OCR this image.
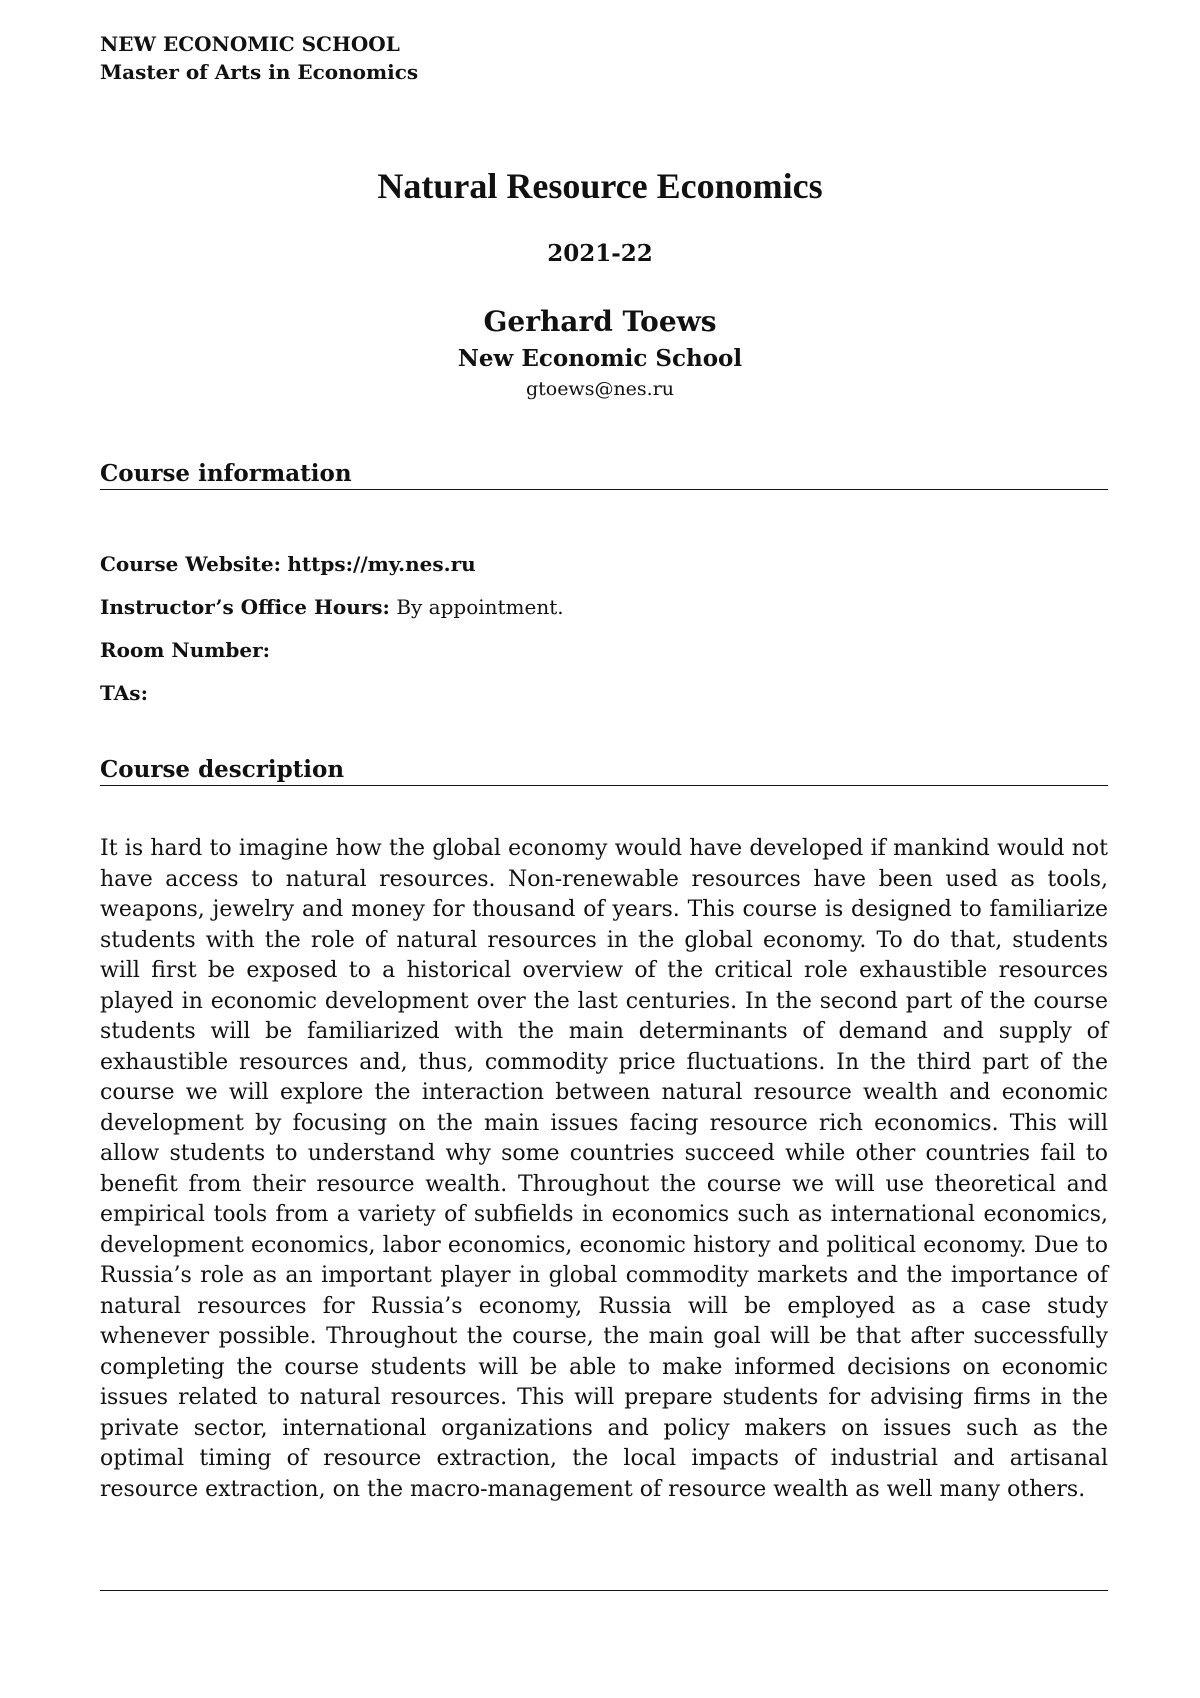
NEW ECONOMIC SCHOOL
Master of Arts in Economics
Natural Resource Economics
2021-22
Gerhard Toews
New Economic School
gtoews@nes.ru
Course information
Course Website: https://my.nes.ru
Instructor’s Office Hours: By appointment.
Room Number:
TAs:
Course description

It is hard to imagine how the global economy would have developed if mankind would not have access to natural resources. Non-renewable resources have been used as tools, weapons, jewelry and money for thousand of years. This course is designed to familiarize students with the role of natural resources in the global economy. To do that, students will first be exposed to a historical overview of the critical role exhaustible resources played in economic development over the last centuries. In the second part of the course students will be familiarized with the main determinants of demand and supply of exhaustible resources and, thus, commodity price fluctuations. In the third part of the course we will explore the interaction between natural resource wealth and economic development by focusing on the main issues facing resource rich economics. This will allow students to understand why some countries succeed while other countries fail to benefit from their resource wealth. Throughout the course we will use theoretical and empirical tools from a variety of subfields in economics such as international economics, development economics, labor economics, economic history and political economy. Due to Russia’s role as an important player in global commodity markets and the importance of natural resources for Russia’s economy, Russia will be employed as a case study whenever possible. Throughout the course, the main goal will be that after successfully completing the course students will be able to make informed decisions on economic issues related to natural resources. This will prepare students for advising firms in the private sector, international organizations and policy makers on issues such as the optimal timing of resource extraction, the local impacts of industrial and artisanal resource extraction, on the macro-management of resource wealth as well many others.
